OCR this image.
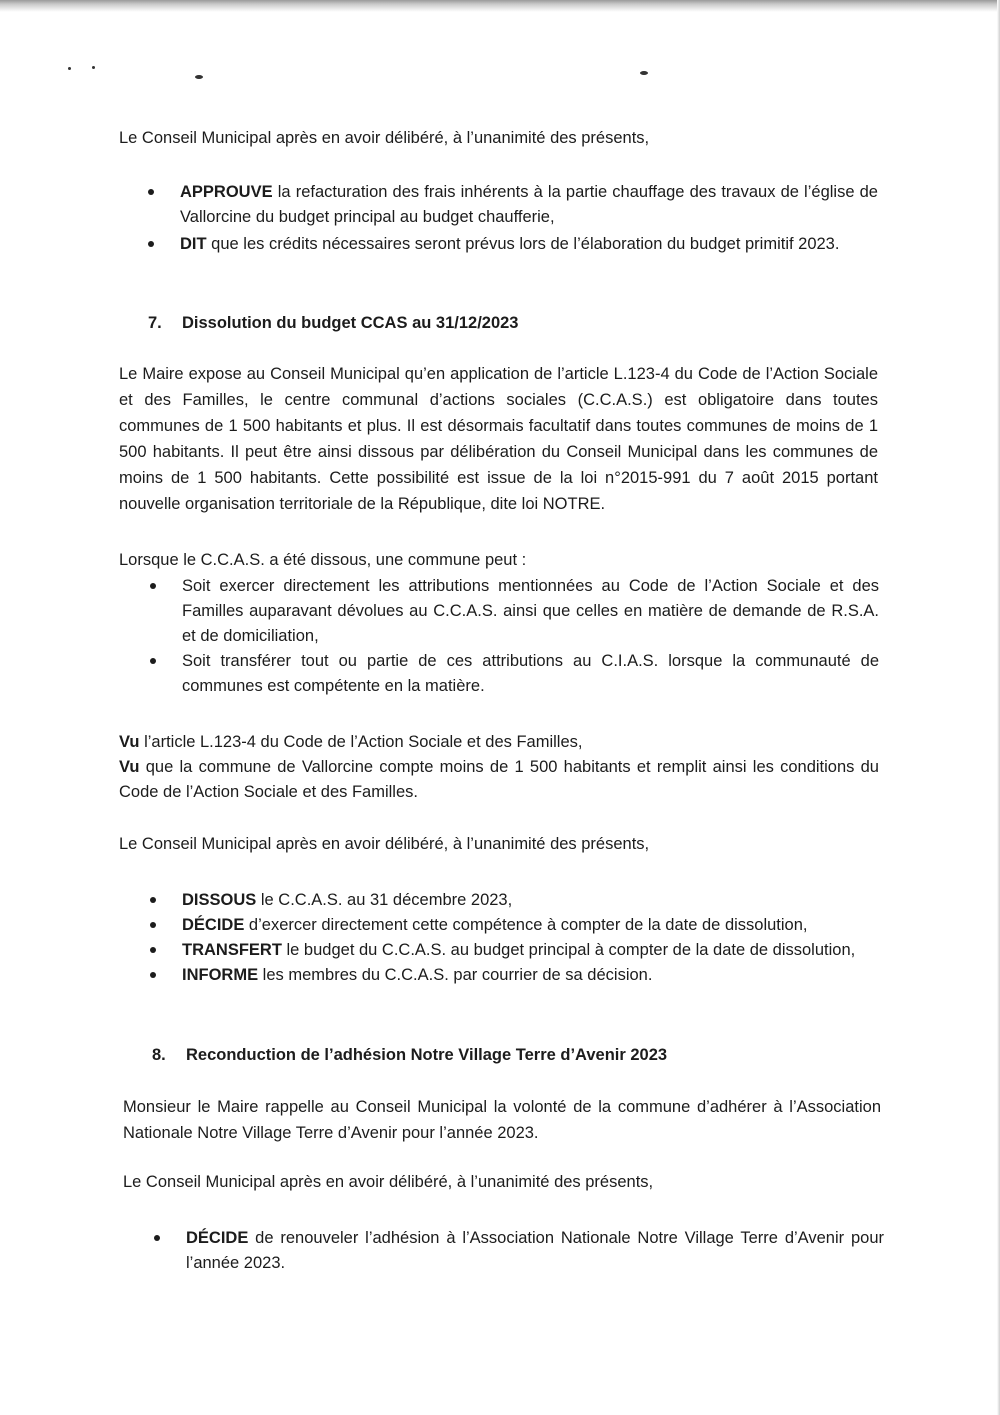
Le Conseil Municipal après en avoir délibéré, à l’unanimité des présents,

APPROUVE la refacturation des frais inhérents à la partie chauffage des travaux de l’église de Vallorcine du budget principal au budget chaufferie,
DIT que les crédits nécessaires seront prévus lors de l’élaboration du budget primitif 2023.
7. Dissolution du budget CCAS au 31/12/2023

Le Maire expose au Conseil Municipal qu’en application de l’article L.123-4 du Code de l’Action Sociale et des Familles, le centre communal d’actions sociales (C.C.A.S.) est obligatoire dans toutes communes de 1 500 habitants et plus. Il est désormais facultatif dans toutes communes de moins de 1 500 habitants. Il peut être ainsi dissous par délibération du Conseil Municipal dans les communes de moins de 1 500 habitants. Cette possibilité est issue de la loi n°2015-991 du 7 août 2015 portant nouvelle organisation territoriale de la République, dite loi NOTRE.

Lorsque le C.C.A.S. a été dissous, une commune peut :

Soit exercer directement les attributions mentionnées au Code de l’Action Sociale et des Familles auparavant dévolues au C.C.A.S. ainsi que celles en matière de demande de R.S.A. et de domiciliation,
Soit transférer tout ou partie de ces attributions au C.I.A.S. lorsque la communauté de communes est compétente en la matière.

Vu l’article L.123-4 du Code de l’Action Sociale et des Familles,

Vu que la commune de Vallorcine compte moins de 1 500 habitants et remplit ainsi les conditions du Code de l’Action Sociale et des Familles.

Le Conseil Municipal après en avoir délibéré, à l’unanimité des présents,

DISSOUS le C.C.A.S. au 31 décembre 2023,
DÉCIDE d’exercer directement cette compétence à compter de la date de dissolution,
TRANSFERT le budget du C.C.A.S. au budget principal à compter de la date de dissolution,
INFORME les membres du C.C.A.S. par courrier de sa décision.
8. Reconduction de l’adhésion Notre Village Terre d’Avenir 2023

Monsieur le Maire rappelle au Conseil Municipal la volonté de la commune d’adhérer à l’Association Nationale Notre Village Terre d’Avenir pour l’année 2023.

Le Conseil Municipal après en avoir délibéré, à l’unanimité des présents,

DÉCIDE de renouveler l’adhésion à l’Association Nationale Notre Village Terre d’Avenir pour l’année 2023.
